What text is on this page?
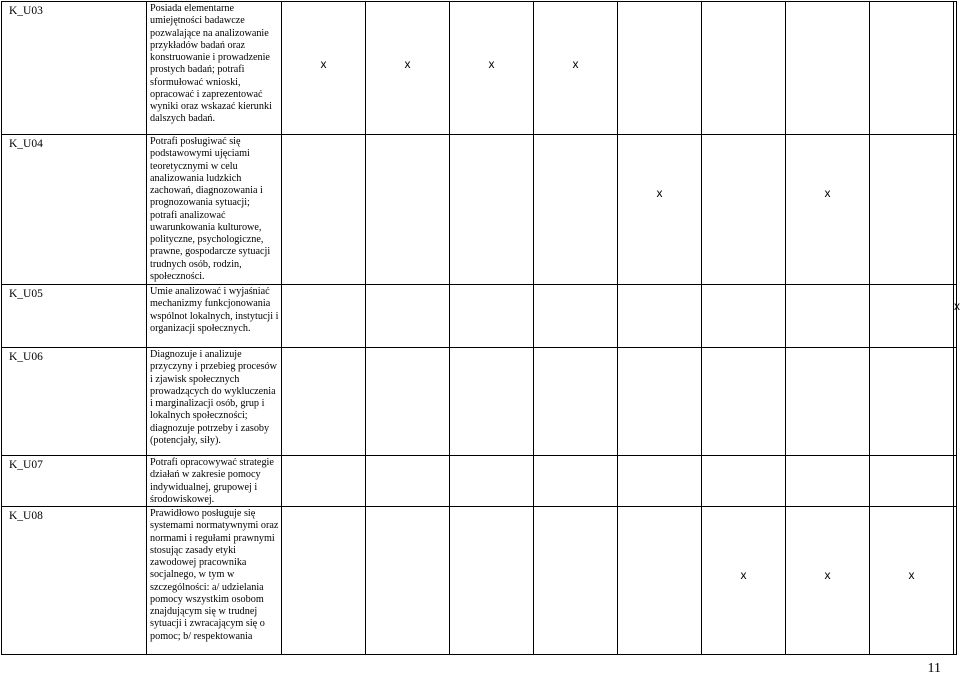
K_U03	Posiada elementarne umiejętności badawcze pozwalające na analizowanie przykładów badań oraz konstruowanie i prowadzenie prostych badań; potrafi sformułować wnioski, opracować i zaprezentować wyniki oraz wskazać kierunki dalszych badań.	x	x	x	x					

K_U04	Potrafi posługiwać się podstawowymi ujęciami teoretycznymi w celu analizowania ludzkich zachowań, diagnozowania i prognozowania sytuacji; potrafi analizować uwarunkowania kulturowe, polityczne, psychologiczne, prawne, gospodarcze sytuacji trudnych osób, rodzin, społeczności.					x		x		

K_U05	Umie analizować i wyjaśniać mechanizmy funkcjonowania wspólnot lokalnych, instytucji i organizacji społecznych.									x

K_U06	Diagnozuje i analizuje przyczyny i przebieg procesów i zjawisk społecznych prowadzących do wykluczenia i marginalizacji osób, grup i lokalnych społeczności; diagnozuje potrzeby i zasoby (potencjały, siły).	

K_U07	Potrafi opracowywać strategie działań w zakresie pomocy indywidualnej, grupowej i środowiskowej.	

K_U08	Prawidłowo posługuje się systemami normatywnymi oraz normami i regułami prawnymi stosując zasady etyki zawodowej pracownika socjalnego, w tym w szczególności: a/ udzielania pomocy wszystkim osobom znajdującym się w trudnej sytuacji i zwracającym się o pomoc; b/ respektowania						x	x	x	

11
